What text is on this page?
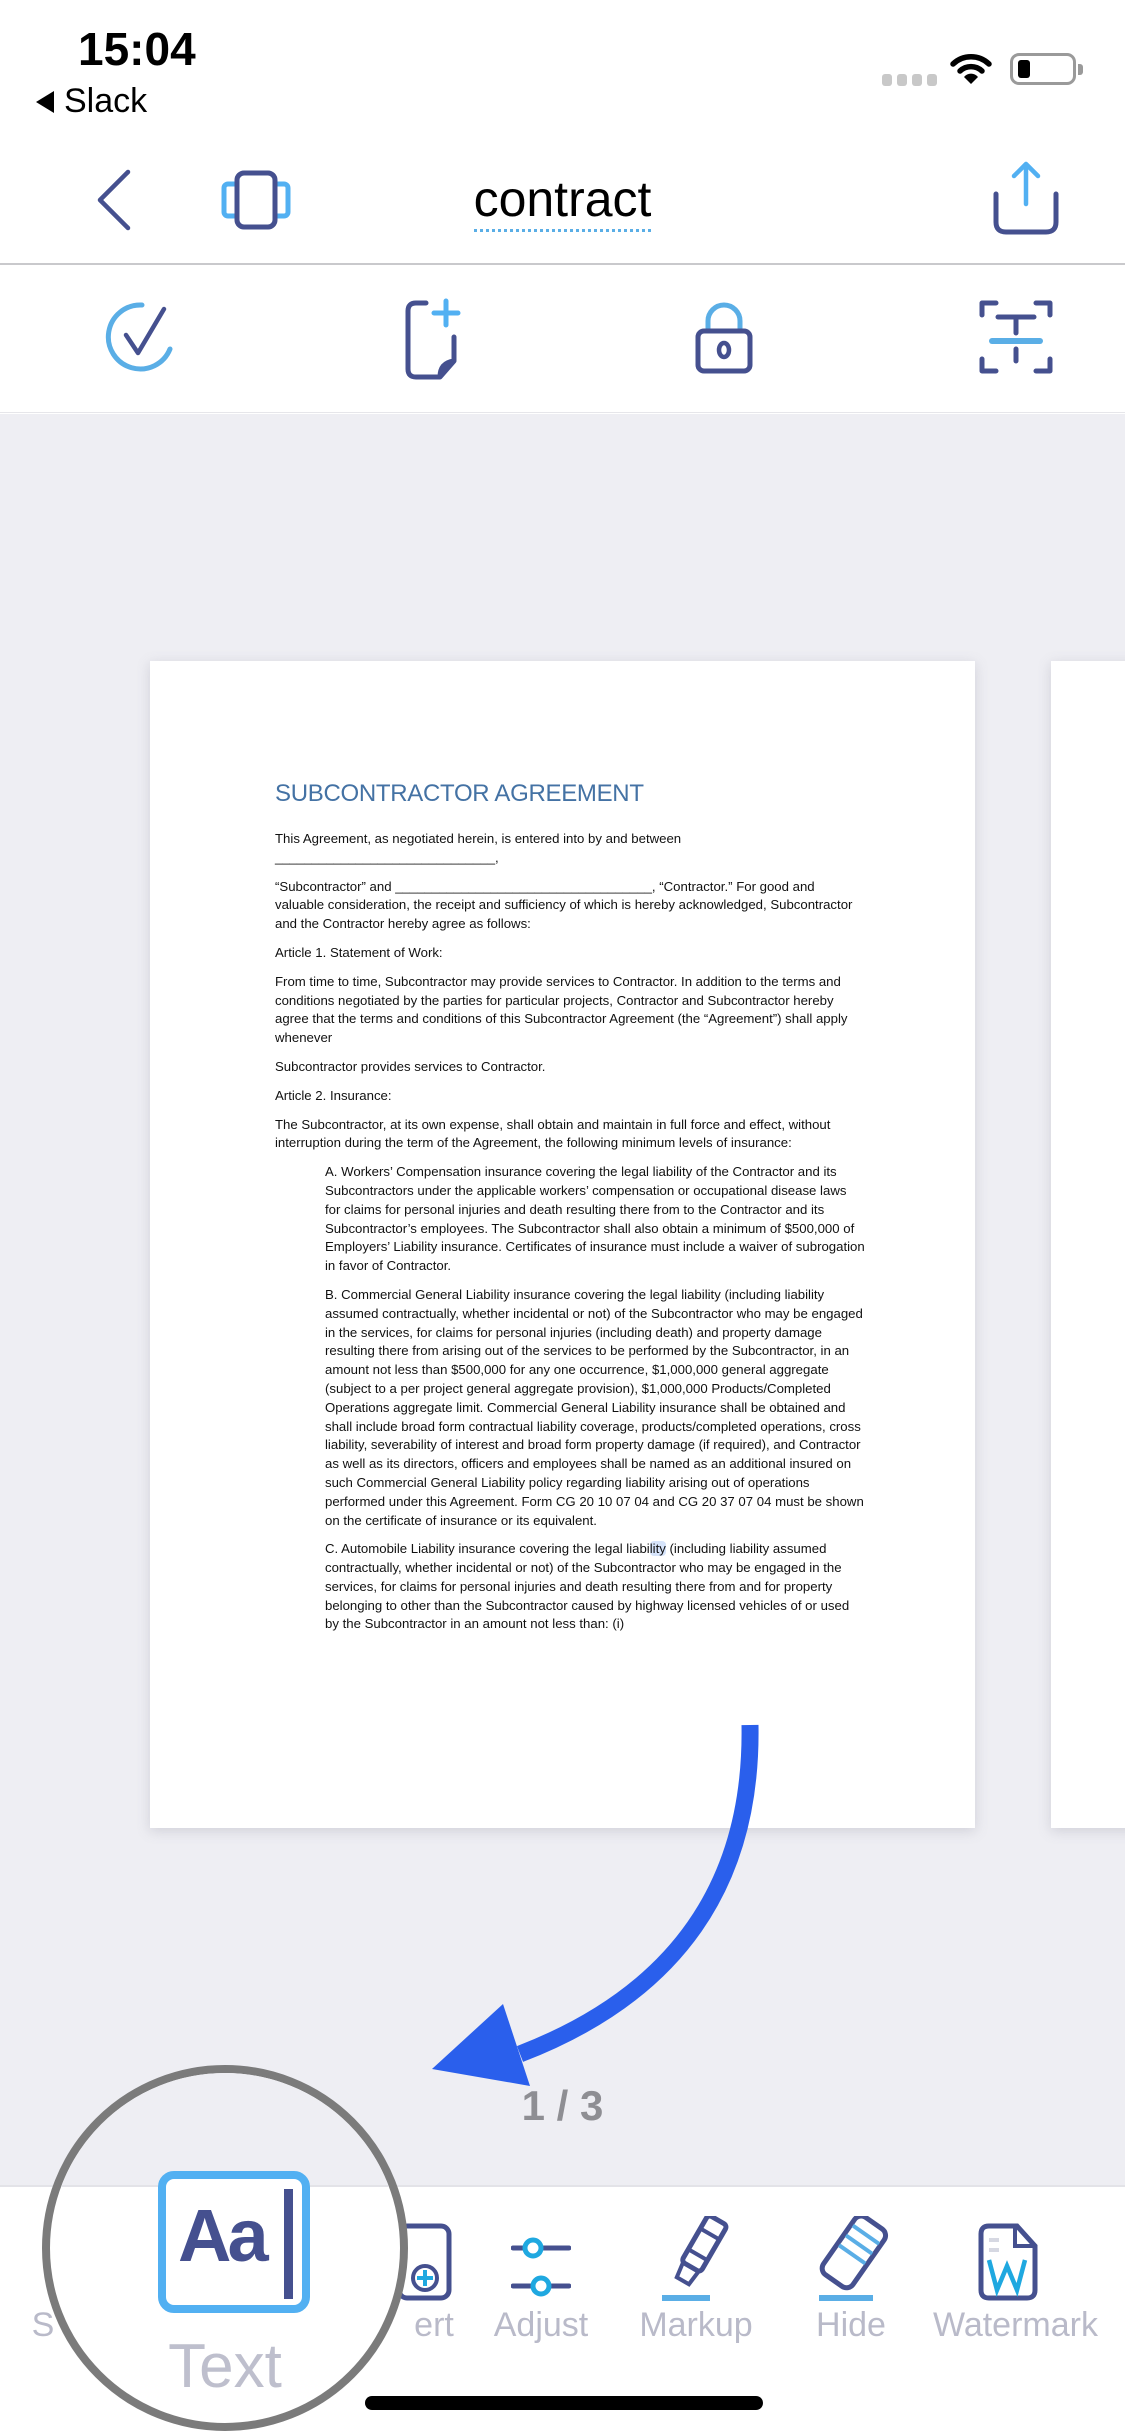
15:04
Slack
contract
SUBCONTRACTOR AGREEMENT

This Agreement, as negotiated herein, is entered into by and between ______________________________,

“Subcontractor” and ___________________________________, “Contractor.” For good and valuable consideration, the receipt and sufficiency of which is hereby acknowledged, Subcontractor and the Contractor hereby agree as follows:

Article 1. Statement of Work:

From time to time, Subcontractor may provide services to Contractor. In addition to the terms and conditions negotiated by the parties for particular projects, Contractor and Subcontractor hereby agree that the terms and conditions of this Subcontractor Agreement (the “Agreement”) shall apply whenever

Subcontractor provides services to Contractor.

Article 2. Insurance:

The Subcontractor, at its own expense, shall obtain and maintain in full force and effect, without interruption during the term of the Agreement, the following minimum levels of insurance:

A. Workers’ Compensation insurance covering the legal liability of the Contractor and its Subcontractors under the applicable workers’ compensation or occupational disease laws for claims for personal injuries and death resulting there from to the Contractor and its Subcontractor’s employees. The Subcontractor shall also obtain a minimum of $500,000 of Employers’ Liability insurance. Certificates of insurance must include a waiver of subrogation in favor of Contractor.

B. Commercial General Liability insurance covering the legal liability (including liability assumed contractually, whether incidental or not) of the Subcontractor who may be engaged in the services, for claims for personal injuries (including death) and property damage resulting there from arising out of the services to be performed by the Subcontractor, in an amount not less than $500,000 for any one occurrence, $1,000,000 general aggregate (subject to a per project general aggregate provision), $1,000,000 Products/Completed Operations aggregate limit. Commercial General Liability insurance shall be obtained and shall include broad form contractual liability coverage, products/completed operations, cross liability, severability of interest and broad form property damage (if required), and Contractor as well as its directors, officers and employees shall be named as an additional insured on such Commercial General Liability policy regarding liability arising out of operations performed under this Agreement. Form CG 20 10 07 04 and CG 20 37 07 04 must be shown on the certificate of insurance or its equivalent.

C. Automobile Liability insurance covering the legal liability (including liability assumed contractually, whether incidental or not) of the Subcontractor who may be engaged in the services, for claims for personal injuries and death resulting there from and for property belonging to other than the Subcontractor caused by highway licensed vehicles of or used by the Subcontractor in an amount not less than: (i)

1 / 3
S	ert	Adjust	Markup	Hide	Watermark
Aa
Text
